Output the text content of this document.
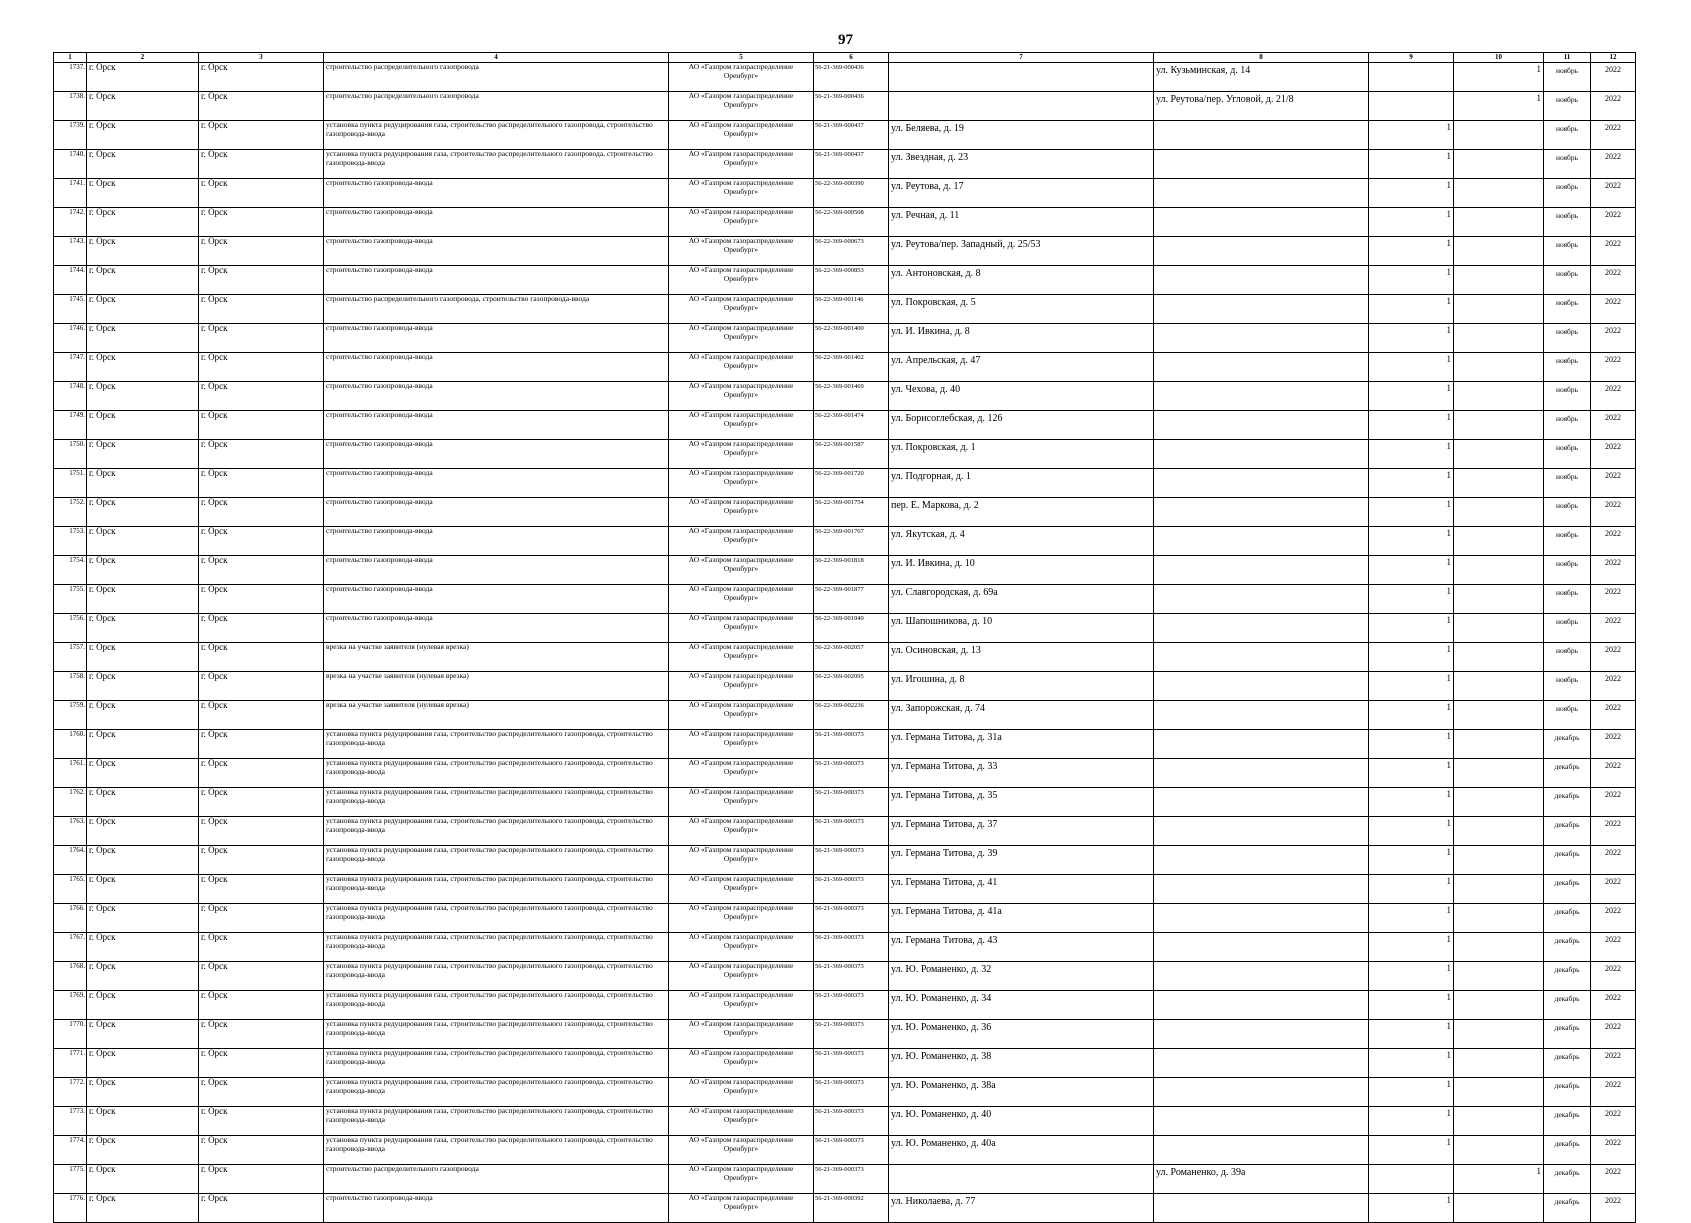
97
1	2	3	4	5	6	7	8	9	10	11	12
1737.	г. Орск	г. Орск	строительство распределительного газопровода	АО «Газпром газораспределение Оренбург»	56-21-369-000436		ул. Кузьминская, д. 14		1	ноябрь	2022
1738.	г. Орск	г. Орск	строительство распределительного газопровода	АО «Газпром газораспределение Оренбург»	56-21-369-000436		ул. Реутова/пер. Угловой, д. 21/8		1	ноябрь	2022
1739.	г. Орск	г. Орск	установка пункта редуцирования газа, строительство распределительного газопровода, строительство газопровода-ввода	АО «Газпром газораспределение Оренбург»	56-21-369-000437	ул. Беляева, д. 19		1		ноябрь	2022
1740.	г. Орск	г. Орск	установка пункта редуцирования газа, строительство распределительного газопровода, строительство газопровода-ввода	АО «Газпром газораспределение Оренбург»	56-21-369-000437	ул. Звездная, д. 23		1		ноябрь	2022
1741.	г. Орск	г. Орск	строительство газопровода-ввода	АО «Газпром газораспределение Оренбург»	56-22-369-000390	ул. Реутова, д. 17		1		ноябрь	2022
1742.	г. Орск	г. Орск	строительство газопровода-ввода	АО «Газпром газораспределение Оренбург»	56-22-369-000508	ул. Речная, д. 11		1		ноябрь	2022
1743.	г. Орск	г. Орск	строительство газопровода-ввода	АО «Газпром газораспределение Оренбург»	56-22-369-000673	ул. Реутова/пер. Западный, д. 25/53		1		ноябрь	2022
1744.	г. Орск	г. Орск	строительство газопровода-ввода	АО «Газпром газораспределение Оренбург»	56-22-369-000853	ул. Антоновская, д. 8		1		ноябрь	2022
1745.	г. Орск	г. Орск	строительство распределительного газопровода, строительство газопровода-ввода	АО «Газпром газораспределение Оренбург»	56-22-369-001146	ул. Покровская, д. 5		1		ноябрь	2022
1746.	г. Орск	г. Орск	строительство газопровода-ввода	АО «Газпром газораспределение Оренбург»	56-22-369-001400	ул. И. Ивкина, д. 8		1		ноябрь	2022
1747.	г. Орск	г. Орск	строительство газопровода-ввода	АО «Газпром газораспределение Оренбург»	56-22-369-001402	ул. Апрельская, д. 47		1		ноябрь	2022
1748.	г. Орск	г. Орск	строительство газопровода-ввода	АО «Газпром газораспределение Оренбург»	56-22-369-001469	ул. Чехова, д. 40		1		ноябрь	2022
1749.	г. Орск	г. Орск	строительство газопровода-ввода	АО «Газпром газораспределение Оренбург»	56-22-369-001474	ул. Борисоглебская, д. 126		1		ноябрь	2022
1750.	г. Орск	г. Орск	строительство газопровода-ввода	АО «Газпром газораспределение Оренбург»	56-22-369-001587	ул. Покровская, д. 1		1		ноябрь	2022
1751.	г. Орск	г. Орск	строительство газопровода-ввода	АО «Газпром газораспределение Оренбург»	56-22-369-001720	ул. Подгорная, д. 1		1		ноябрь	2022
1752.	г. Орск	г. Орск	строительство газопровода-ввода	АО «Газпром газораспределение Оренбург»	56-22-369-001754	пер. Е. Маркова, д. 2		1		ноябрь	2022
1753.	г. Орск	г. Орск	строительство газопровода-ввода	АО «Газпром газораспределение Оренбург»	56-22-369-001767	ул. Якутская, д. 4		1		ноябрь	2022
1754.	г. Орск	г. Орск	строительство газопровода-ввода	АО «Газпром газораспределение Оренбург»	56-22-369-001818	ул. И. Ивкина, д. 10		1		ноябрь	2022
1755.	г. Орск	г. Орск	строительство газопровода-ввода	АО «Газпром газораспределение Оренбург»	56-22-369-001877	ул. Славгородская, д. 69а		1		ноябрь	2022
1756.	г. Орск	г. Орск	строительство газопровода-ввода	АО «Газпром газораспределение Оренбург»	56-22-369-001940	ул. Шапошникова, д. 10		1		ноябрь	2022
1757.	г. Орск	г. Орск	врезка на участке заявителя (нулевая врезка)	АО «Газпром газораспределение Оренбург»	56-22-369-002057	ул. Осиновская, д. 13		1		ноябрь	2022
1758.	г. Орск	г. Орск	врезка на участке заявителя (нулевая врезка)	АО «Газпром газораспределение Оренбург»	56-22-369-002095	ул. Игошина, д. 8		1		ноябрь	2022
1759.	г. Орск	г. Орск	врезка на участке заявителя (нулевая врезка)	АО «Газпром газораспределение Оренбург»	56-22-369-002236	ул. Запорожская, д. 74		1		ноябрь	2022
1760.	г. Орск	г. Орск	установка пункта редуцирования газа, строительство распределительного газопровода, строительство газопровода-ввода	АО «Газпром газораспределение Оренбург»	56-21-369-000373	ул. Германа Титова, д. 31а		1		декабрь	2022
1761.	г. Орск	г. Орск	установка пункта редуцирования газа, строительство распределительного газопровода, строительство газопровода-ввода	АО «Газпром газораспределение Оренбург»	56-21-369-000373	ул. Германа Титова, д. 33		1		декабрь	2022
1762.	г. Орск	г. Орск	установка пункта редуцирования газа, строительство распределительного газопровода, строительство газопровода-ввода	АО «Газпром газораспределение Оренбург»	56-21-369-000373	ул. Германа Титова, д. 35		1		декабрь	2022
1763.	г. Орск	г. Орск	установка пункта редуцирования газа, строительство распределительного газопровода, строительство газопровода-ввода	АО «Газпром газораспределение Оренбург»	56-21-369-000373	ул. Германа Титова, д. 37		1		декабрь	2022
1764.	г. Орск	г. Орск	установка пункта редуцирования газа, строительство распределительного газопровода, строительство газопровода-ввода	АО «Газпром газораспределение Оренбург»	56-21-369-000373	ул. Германа Титова, д. 39		1		декабрь	2022
1765.	г. Орск	г. Орск	установка пункта редуцирования газа, строительство распределительного газопровода, строительство газопровода-ввода	АО «Газпром газораспределение Оренбург»	56-21-369-000373	ул. Германа Титова, д. 41		1		декабрь	2022
1766.	г. Орск	г. Орск	установка пункта редуцирования газа, строительство распределительного газопровода, строительство газопровода-ввода	АО «Газпром газораспределение Оренбург»	56-21-369-000373	ул. Германа Титова, д. 41а		1		декабрь	2022
1767.	г. Орск	г. Орск	установка пункта редуцирования газа, строительство распределительного газопровода, строительство газопровода-ввода	АО «Газпром газораспределение Оренбург»	56-21-369-000373	ул. Германа Титова, д. 43		1		декабрь	2022
1768.	г. Орск	г. Орск	установка пункта редуцирования газа, строительство распределительного газопровода, строительство газопровода-ввода	АО «Газпром газораспределение Оренбург»	56-21-369-000373	ул. Ю. Романенко, д. 32		1		декабрь	2022
1769.	г. Орск	г. Орск	установка пункта редуцирования газа, строительство распределительного газопровода, строительство газопровода-ввода	АО «Газпром газораспределение Оренбург»	56-21-369-000373	ул. Ю. Романенко, д. 34		1		декабрь	2022
1770.	г. Орск	г. Орск	установка пункта редуцирования газа, строительство распределительного газопровода, строительство газопровода-ввода	АО «Газпром газораспределение Оренбург»	56-21-369-000373	ул. Ю. Романенко, д. 36		1		декабрь	2022
1771.	г. Орск	г. Орск	установка пункта редуцирования газа, строительство распределительного газопровода, строительство газопровода-ввода	АО «Газпром газораспределение Оренбург»	56-21-369-000373	ул. Ю. Романенко, д. 38		1		декабрь	2022
1772.	г. Орск	г. Орск	установка пункта редуцирования газа, строительство распределительного газопровода, строительство газопровода-ввода	АО «Газпром газораспределение Оренбург»	56-21-369-000373	ул. Ю. Романенко, д. 38а		1		декабрь	2022
1773.	г. Орск	г. Орск	установка пункта редуцирования газа, строительство распределительного газопровода, строительство газопровода-ввода	АО «Газпром газораспределение Оренбург»	56-21-369-000373	ул. Ю. Романенко, д. 40		1		декабрь	2022
1774.	г. Орск	г. Орск	установка пункта редуцирования газа, строительство распределительного газопровода, строительство газопровода-ввода	АО «Газпром газораспределение Оренбург»	56-21-369-000373	ул. Ю. Романенко, д. 40а		1		декабрь	2022
1775.	г. Орск	г. Орск	строительство распределительного газопровода	АО «Газпром газораспределение Оренбург»	56-21-369-000373		ул. Романенко, д. 39а		1	декабрь	2022
1776.	г. Орск	г. Орск	строительство газопровода-ввода	АО «Газпром газораспределение Оренбург»	56-21-369-000392	ул. Николаева, д. 77		1		декабрь	2022
